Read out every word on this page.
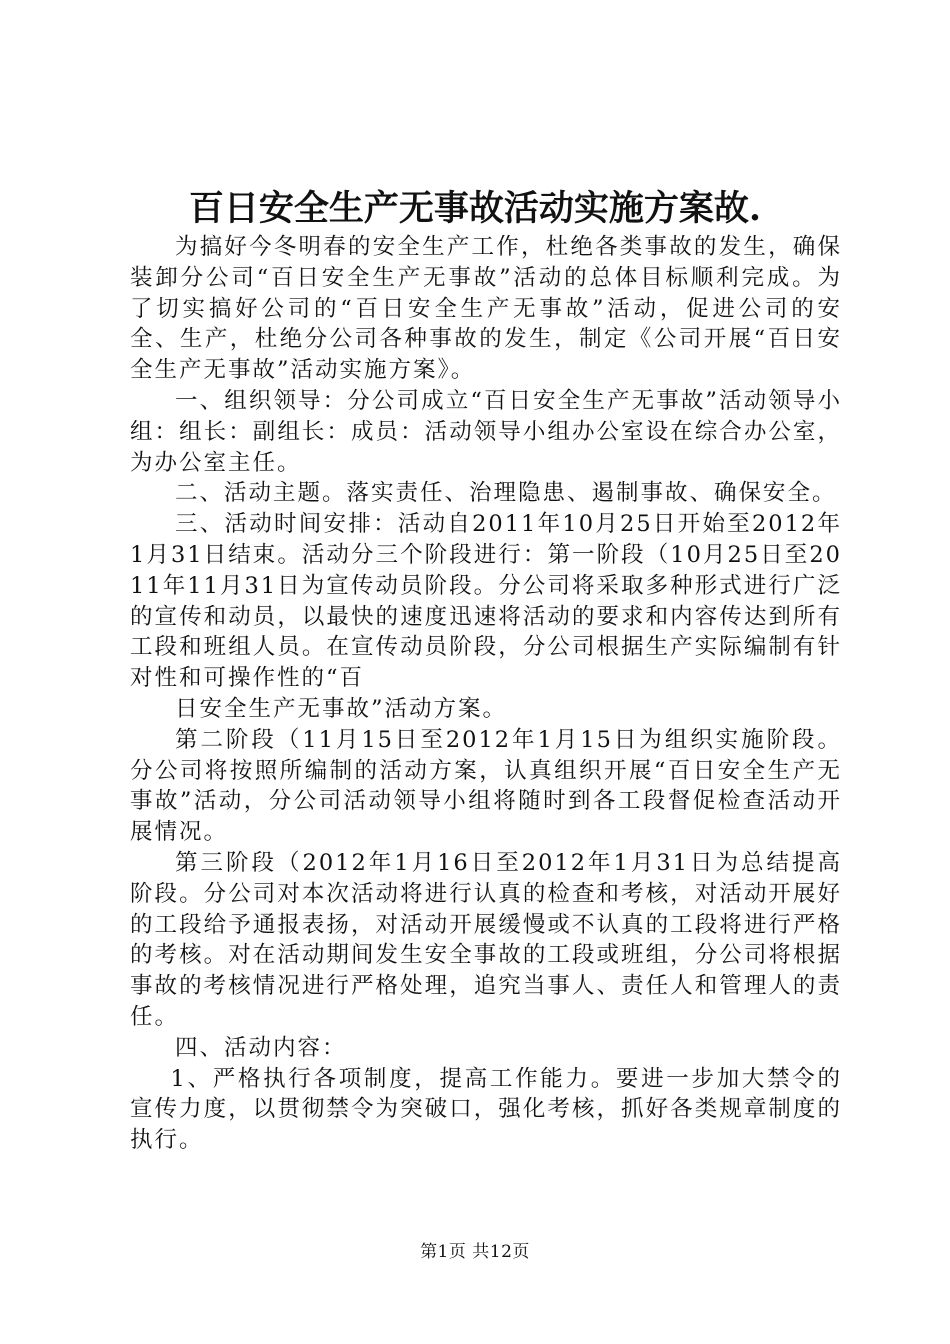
百日安全生产无事故活动实施方案故.

为搞好今冬明春的安全生产工作，杜绝各类事故的发生，确保装卸分公司“百日安全生产无事故”活动的总体目标顺利完成。为了切实搞好公司的“百日安全生产无事故”活动，促进公司的安全、生产，杜绝分公司各种事故的发生，制定《公司开展“百日安全生产无事故”活动实施方案》。

一、组织领导：分公司成立“百日安全生产无事故”活动领导小组：组长：副组长：成员：活动领导小组办公室设在综合办公室，为办公室主任。

二、活动主题。落实责任、治理隐患、遏制事故、确保安全。

三、活动时间安排：活动自2011年10月25日开始至2012年1月31日结束。活动分三个阶段进行：第一阶段（10月25日至2011年11月31日为宣传动员阶段。分公司将采取多种形式进行广泛的宣传和动员，以最快的速度迅速将活动的要求和内容传达到所有工段和班组人员。在宣传动员阶段，分公司根据生产实际编制有针对性和可操作性的“百

日安全生产无事故”活动方案。

第二阶段（11月15日至2012年1月15日为组织实施阶段。分公司将按照所编制的活动方案，认真组织开展“百日安全生产无事故”活动，分公司活动领导小组将随时到各工段督促检查活动开展情况。

第三阶段（2012年1月16日至2012年1月31日为总结提高阶段。分公司对本次活动将进行认真的检查和考核，对活动开展好的工段给予通报表扬，对活动开展缓慢或不认真的工段将进行严格的考核。对在活动期间发生安全事故的工段或班组，分公司将根据事故的考核情况进行严格处理，追究当事人、责任人和管理人的责任。

四、活动内容：

1、严格执行各项制度，提高工作能力。要进一步加大禁令的宣传力度，以贯彻禁令为突破口，强化考核，抓好各类规章制度的执行。

第1页 共12页
